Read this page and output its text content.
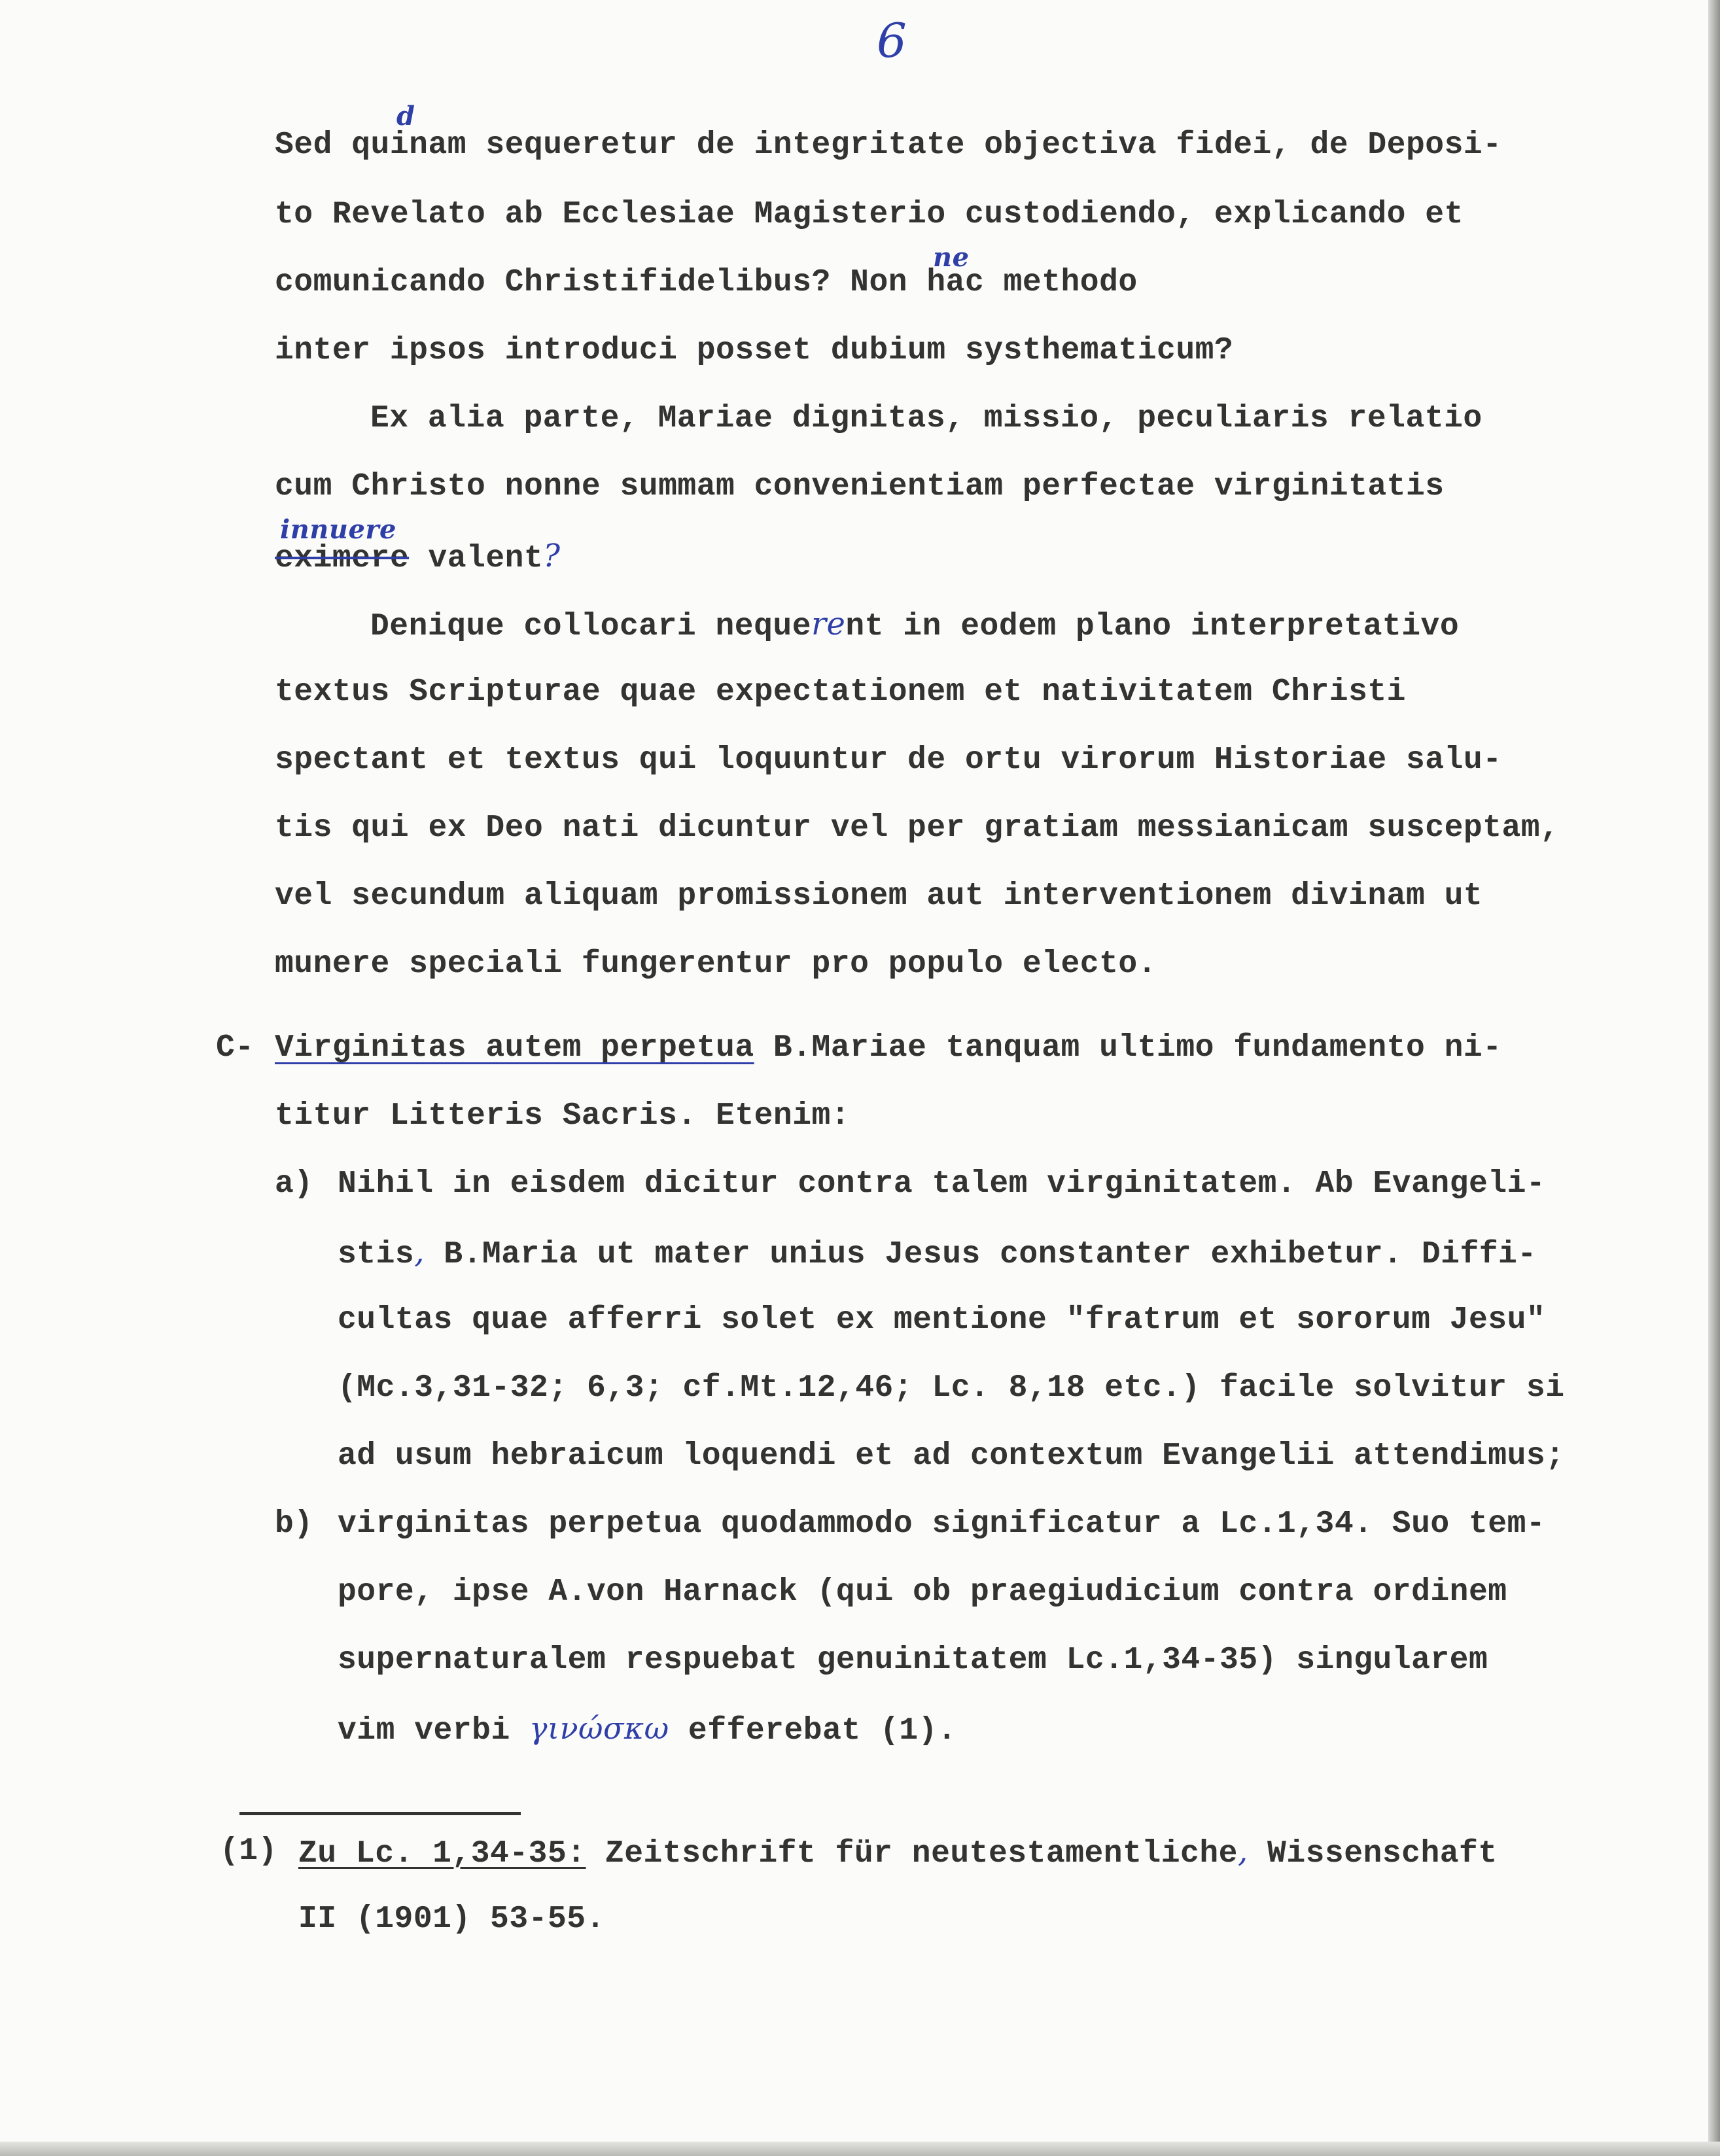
6
Sed qui
d
nam sequeretur de integritate objectiva fidei, de Deposi-
to Revelato ab Ecclesiae Magisterio custodiendo, explicando et
comunicando Christifidelibus? Non
ne
hac methodo
inter ipsos introduci posset dubium systhematicum?
Ex alia parte, Mariae dignitas, missio, peculiaris relatio
cum Christo nonne summam convenientiam perfectae virginitatis
eximere
innuere
valent?
Denique collocari nequerent in eodem plano interpretativo
textus Scripturae quae expectationem et nativitatem Christi
spectant et textus qui loquuntur de ortu virorum Historiae salu-
tis qui ex Deo nati dicuntur vel per gratiam messianicam susceptam,
vel secundum aliquam promissionem aut interventionem divinam ut
munere speciali fungerentur pro populo electo.
C- Virginitas autem perpetua B.Mariae tanquam ultimo fundamento ni-
titur Litteris Sacris. Etenim:
a) Nihil in eisdem dicitur contra talem virginitatem. Ab Evangeli-
stis, B.Maria ut mater unius Jesus constanter exhibetur. Diffi-
cultas quae afferri solet ex mentione "fratrum et sororum Jesu"
(Mc.3,31-32; 6,3; cf.Mt.12,46; Lc. 8,18 etc.) facile solvitur si
ad usum hebraicum loquendi et ad contextum Evangelii attendimus;
b) virginitas perpetua quodammodo significatur a Lc.1,34. Suo tem-
pore, ipse A.von Harnack (qui ob praegiudicium contra ordinem
supernaturalem respuebat genuinitatem Lc.1,34-35) singularem
vim verbi γινώσκω efferebat (1).
(1) Zu Lc. 1,34-35: Zeitschrift für neutestamentliche, Wissenschaft
II (1901) 53-55.
